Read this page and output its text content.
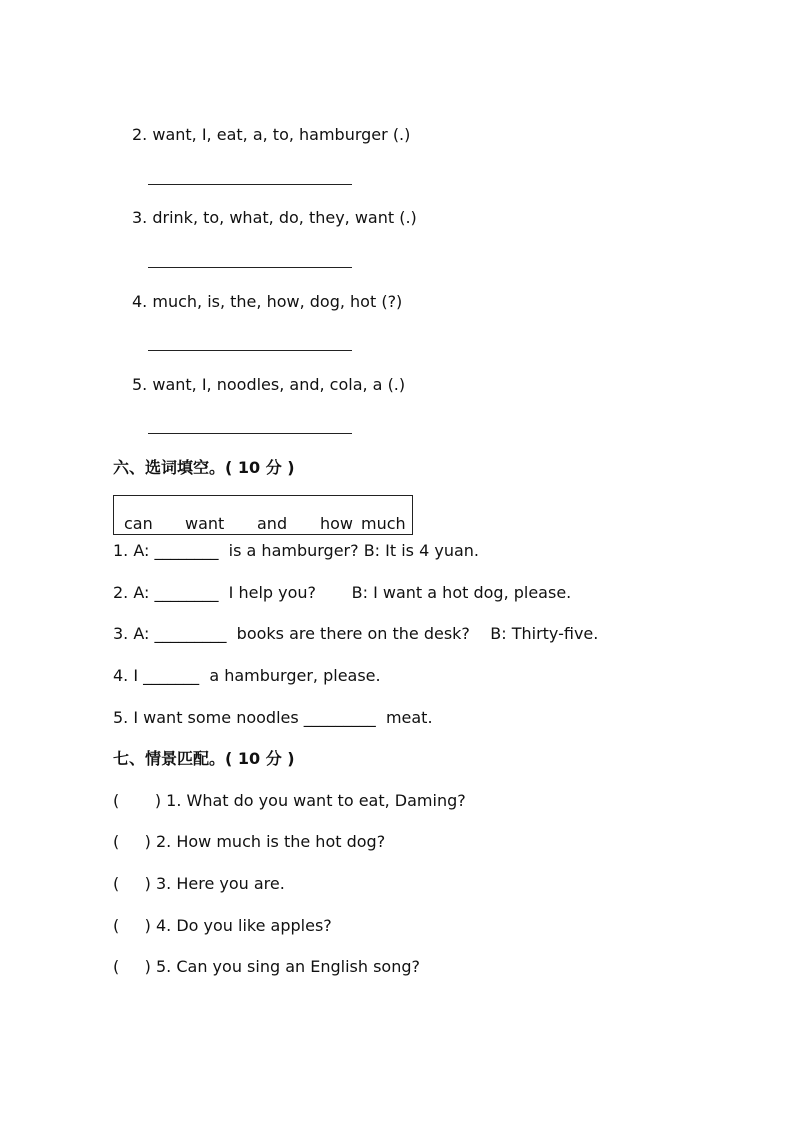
2. want, I, eat, a, to, hamburger (.)
3. drink, to, what, do, they, want (.)
4. much, is, the, how, dog, hot (?)
5. want, I, noodles, and, cola, a (.)
六、选词填空。( 10 分 )
can want and how much
1. A: ________  is a hamburger? B: It is 4 yuan.
2. A: ________  I help you?       B: I want a hot dog, please.
3. A: _________  books are there on the desk?    B: Thirty-five.
4. I _______  a hamburger, please.
5. I want some noodles _________  meat.
七、情景匹配。( 10 分 )
(       ) 1. What do you want to eat, Daming?
(     ) 2. How much is the hot dog?
(     ) 3. Here you are.
(     ) 4. Do you like apples?
(     ) 5. Can you sing an English song?
